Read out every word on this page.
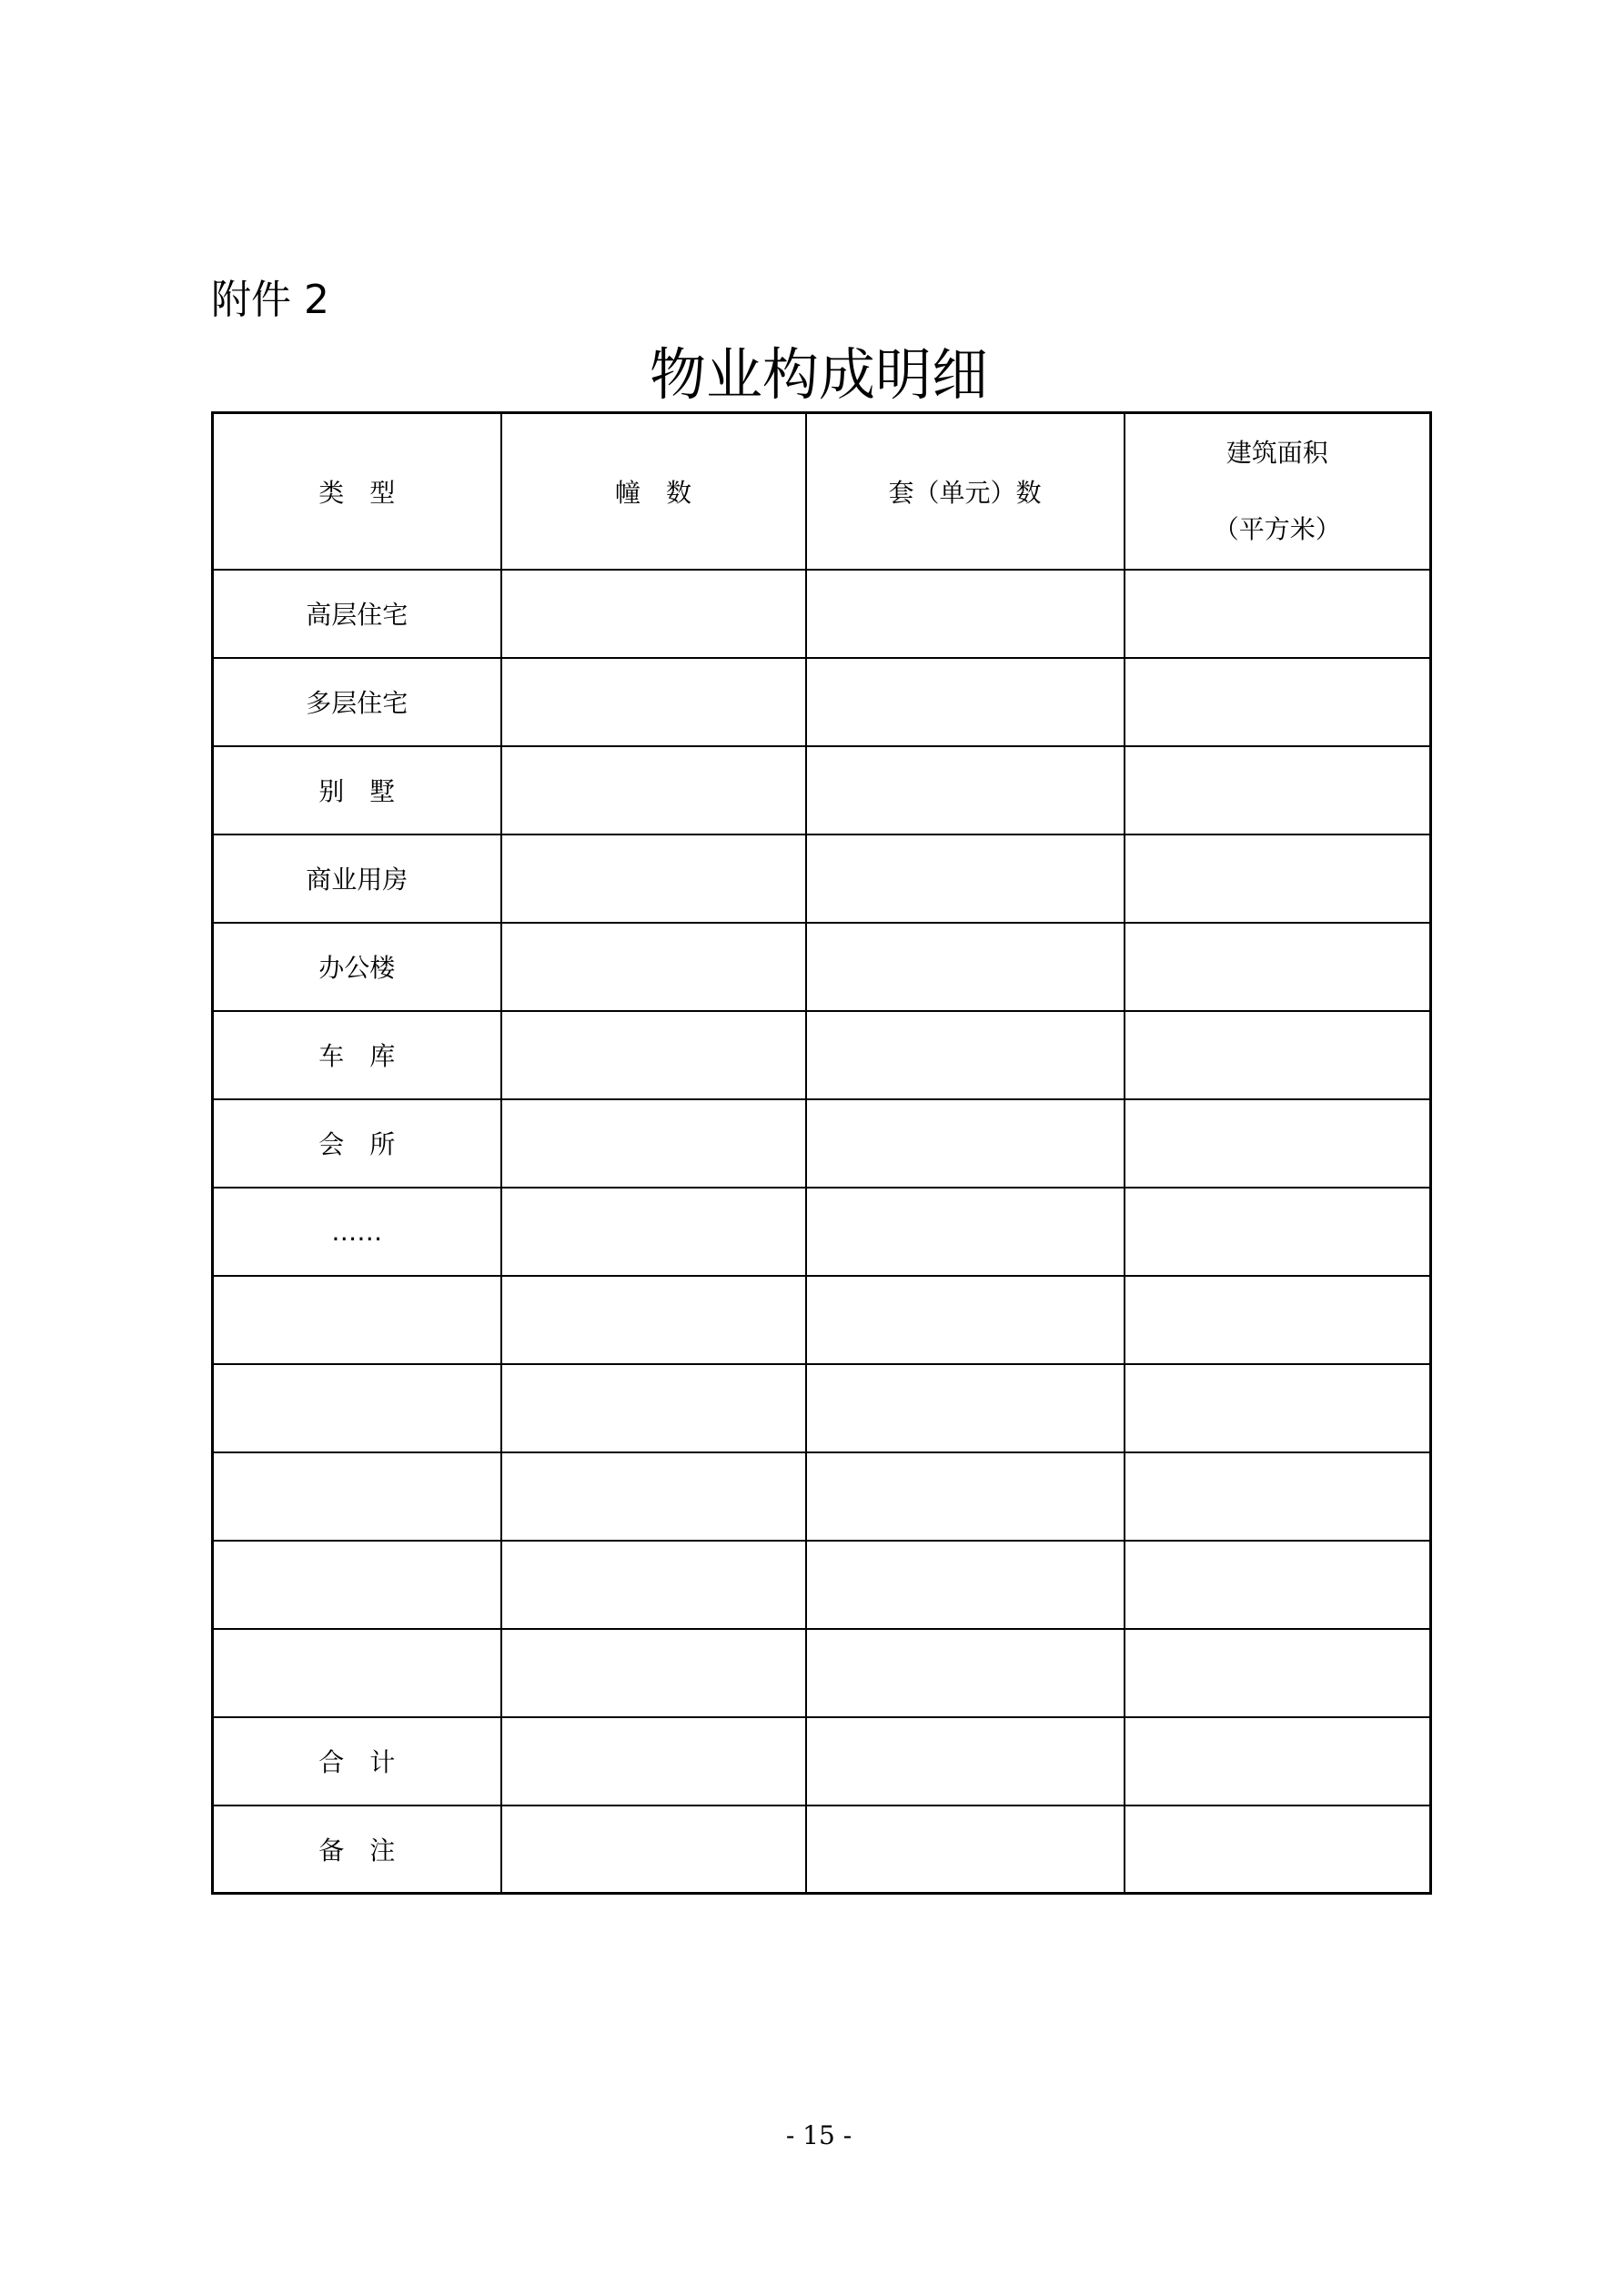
附件 2
物业构成明细
类　型	幢　数	套（单元）数	建筑面积
（平方米）

高层住宅			
多层住宅			
别　墅			
商业用房			
办公楼			
车　库			
会　所			
……			

合　计			
备　注			
- 15 -
